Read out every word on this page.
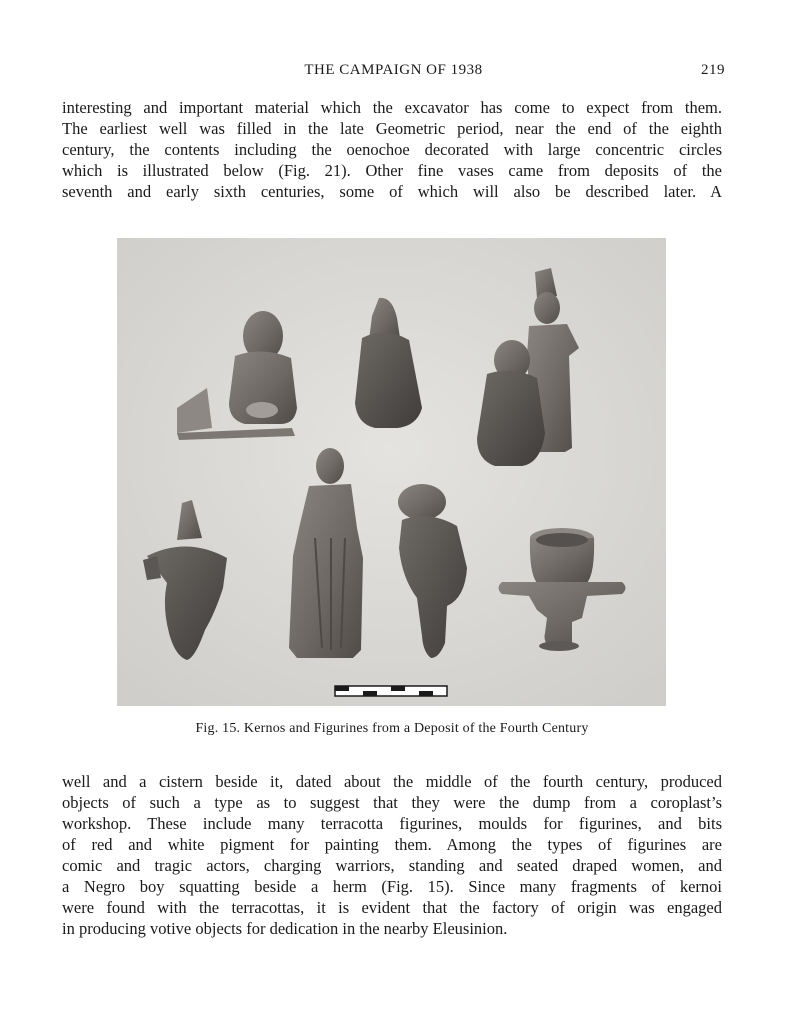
THE CAMPAIGN OF 1938	219

interesting and important material which the excavator has come to expect from them.
The earliest well was filled in the late Geometric period, near the end of the eighth
century, the contents including the oenochoe decorated with large concentric circles
which is illustrated below (Fig. 21). Other fine vases came from deposits of the
seventh and early sixth centuries, some of which will also be described later. A

Fig. 15. Kernos and Figurines from a Deposit of the Fourth Century

well and a cistern beside it, dated about the middle of the fourth century, produced
objects of such a type as to suggest that they were the dump from a coroplast’s
workshop. These include many terracotta figurines, moulds for figurines, and bits
of red and white pigment for painting them. Among the types of figurines are
comic and tragic actors, charging warriors, standing and seated draped women, and
a Negro boy squatting beside a herm (Fig. 15). Since many fragments of kernoi
were found with the terracottas, it is evident that the factory of origin was engaged
in producing votive objects for dedication in the nearby Eleusinion.
